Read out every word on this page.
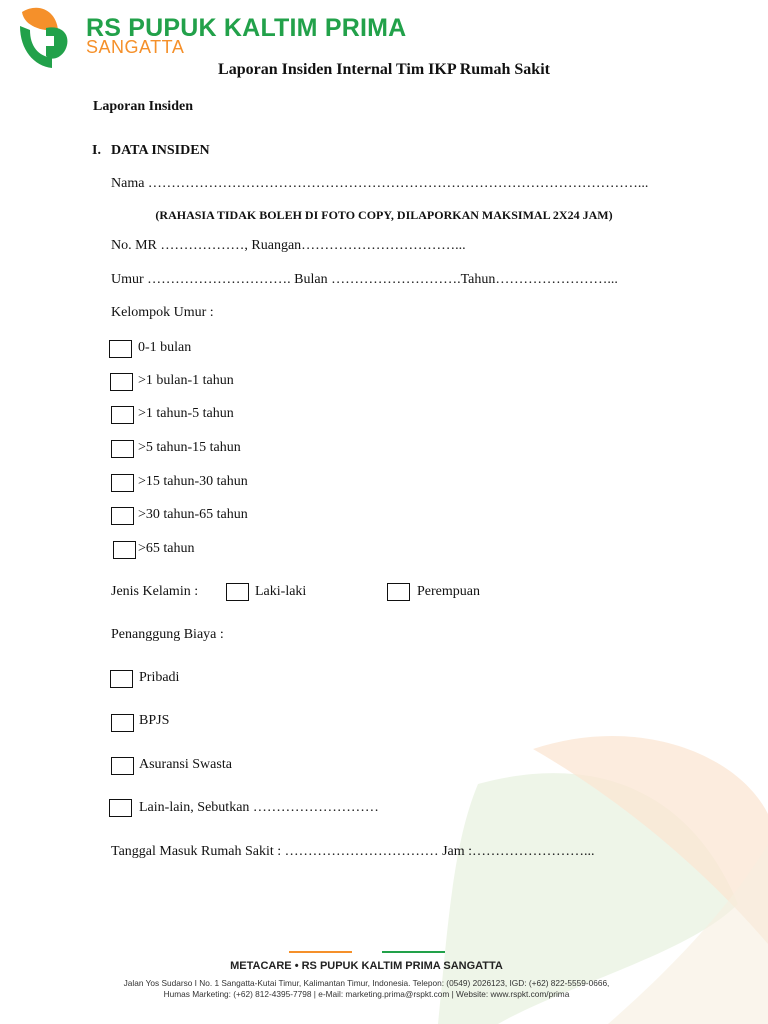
RS PUPUK KALTIM PRIMA
SANGATTA
Laporan Insiden Internal Tim IKP Rumah Sakit
Laporan Insiden
I. DATA INSIDEN
Nama ……………………………………………………………………………………………...
(RAHASIA TIDAK BOLEH DI FOTO COPY, DILAPORKAN MAKSIMAL 2X24 JAM)
No. MR ………………, Ruangan……………………………...
Umur …………………………. Bulan ……………………….Tahun……………………...
Kelompok Umur :
0-1 bulan
>1 bulan-1 tahun
>1 tahun-5 tahun
>5 tahun-15 tahun
>15 tahun-30 tahun
>30 tahun-65 tahun
>65 tahun
Jenis Kelamin :	Laki-laki	Perempuan
Penanggung Biaya :
Pribadi
BPJS
Asuransi Swasta
Lain-lain, Sebutkan ………………………
Tanggal Masuk Rumah Sakit : …………………………… Jam :……………………...
METACARE • RS PUPUK KALTIM PRIMA SANGATTA
Jalan Yos Sudarso I No. 1 Sangatta-Kutai Timur, Kalimantan Timur, Indonesia. Telepon: (0549) 2026123, IGD: (+62) 822-5559-0666,
Humas Marketing: (+62) 812-4395-7798 | e-Mail: marketing.prima@rspkt.com | Website: www.rspkt.com/prima
